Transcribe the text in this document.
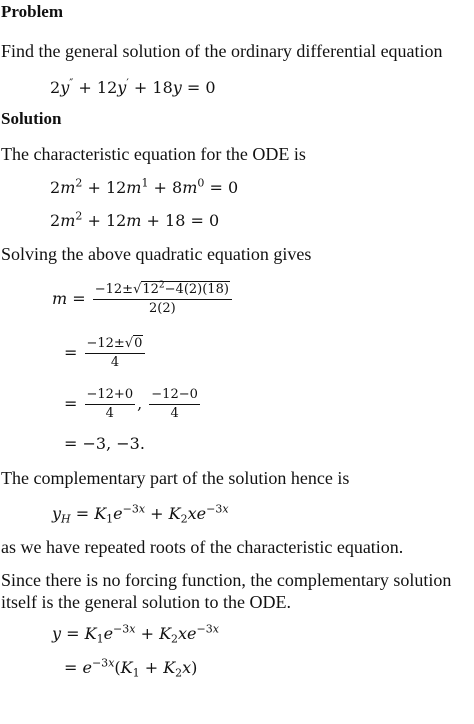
Problem
Find the general solution of the ordinary differential equation
2y″ + 12y′ + 18y = 0
Solution
The characteristic equation for the ODE is
$2m^2 + 12m^1 + 8m^0 = 0$
$2m^2 + 12m + 18 = 0$
Solving the above quadratic equation gives
$m = \frac{-12\pm√12^2-4(2)(18)}{2(2)}$
= $\frac{-12\pm√0}{4}$
= $\frac{-12+0}{4}$ , $\frac{-12-0}{4}$
= −3, −3.
The complementary part of the solution hence is
$y_H = K_1e^{-3x} + K_2xe^{-3x}$
as we have repeated roots of the characteristic equation.
Since there is no forcing function, the complementary solution
itself is the general solution to the ODE.
$y = K_1e^{-3x} + K_2xe^{-3x}$
= $e^{-3x}(K_1 + K_2x)$
